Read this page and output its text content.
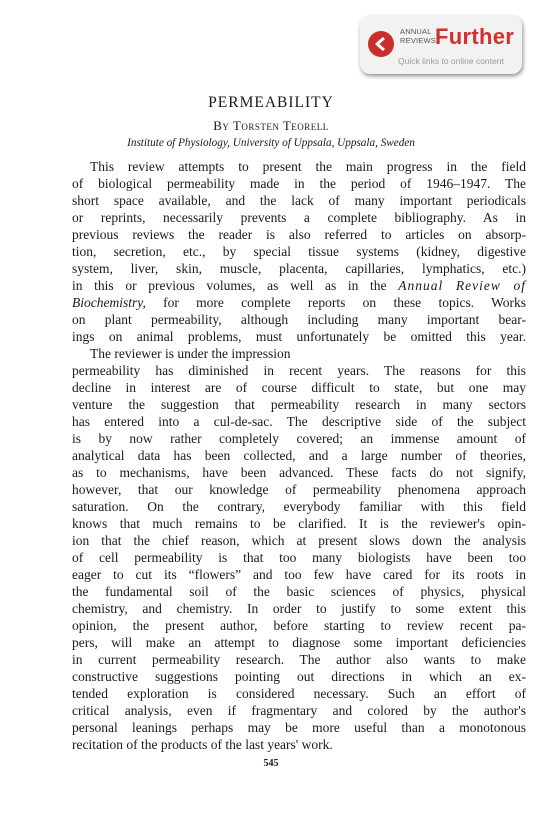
ANNUAL
REVIEWS Further
Quick links to online content
PERMEABILITY
By Torsten Teorell
Institute of Physiology, University of Uppsala, Uppsala, Sweden
This review attempts to present the main progress in the field
of biological permeability made in the period of 1946–1947. The
short space available, and the lack of many important periodicals
or reprints, necessarily prevents a complete bibliography. As in
previous reviews the reader is also referred to articles on absorp-
tion, secretion, etc., by special tissue systems (kidney, digestive
system, liver, skin, muscle, placenta, capillaries, lymphatics, etc.)
in this or previous volumes, as well as in the Annual Review of
Biochemistry, for more complete reports on these topics. Works
on plant permeability, although including many important bear-
ings on animal problems, must unfortunately be omitted this year.
The reviewer is under the impression
permeability has diminished in recent years. The reasons for this
decline in interest are of course difficult to state, but one may
venture the suggestion that permeability research in many sectors
has entered into a cul-de-sac. The descriptive side of the subject
is by now rather completely covered; an immense amount of
analytical data has been collected, and a large number of theories,
as to mechanisms, have been advanced. These facts do not signify,
however, that our knowledge of permeability phenomena approach
saturation. On the contrary, everybody familiar with this field
knows that much remains to be clarified. It is the reviewer's opin-
ion that the chief reason, which at present slows down the analysis
of cell permeability is that too many biologists have been too
eager to cut its “flowers” and too few have cared for its roots in
the fundamental soil of the basic sciences of physics, physical
chemistry, and chemistry. In order to justify to some extent this
opinion, the present author, before starting to review recent pa-
pers, will make an attempt to diagnose some important deficiencies
in current permeability research. The author also wants to make
constructive suggestions pointing out directions in which an ex-
tended exploration is considered necessary. Such an effort of
critical analysis, even if fragmentary and colored by the author's
personal leanings perhaps may be more useful than a monotonous
recitation of the products of the last years' work.
545
